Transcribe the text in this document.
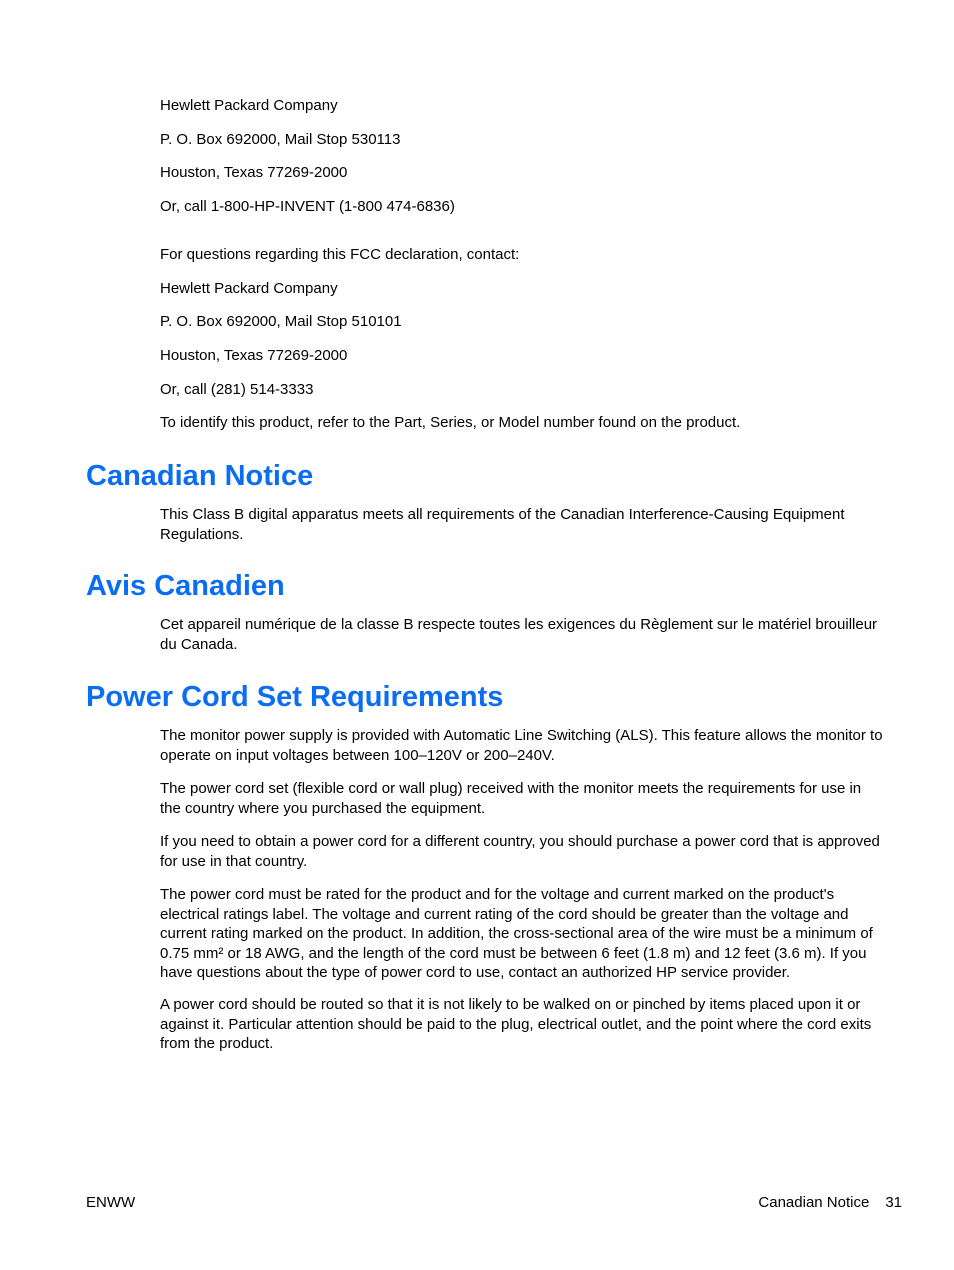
Hewlett Packard Company

P. O. Box 692000, Mail Stop 530113

Houston, Texas 77269-2000

Or, call 1-800-HP-INVENT (1-800 474-6836)

For questions regarding this FCC declaration, contact:

Hewlett Packard Company

P. O. Box 692000, Mail Stop 510101

Houston, Texas 77269-2000

Or, call (281) 514-3333

To identify this product, refer to the Part, Series, or Model number found on the product.

Canadian Notice

This Class B digital apparatus meets all requirements of the Canadian Interference-Causing Equipment Regulations.

Avis Canadien

Cet appareil numérique de la classe B respecte toutes les exigences du Règlement sur le matériel brouilleur du Canada.

Power Cord Set Requirements

The monitor power supply is provided with Automatic Line Switching (ALS). This feature allows the monitor to operate on input voltages between 100–120V or 200–240V.

The power cord set (flexible cord or wall plug) received with the monitor meets the requirements for use in the country where you purchased the equipment.

If you need to obtain a power cord for a different country, you should purchase a power cord that is approved for use in that country.

The power cord must be rated for the product and for the voltage and current marked on the product's electrical ratings label. The voltage and current rating of the cord should be greater than the voltage and current rating marked on the product. In addition, the cross-sectional area of the wire must be a minimum of 0.75 mm² or 18 AWG, and the length of the cord must be between 6 feet (1.8 m) and 12 feet (3.6 m). If you have questions about the type of power cord to use, contact an authorized HP service provider.

A power cord should be routed so that it is not likely to be walked on or pinched by items placed upon it or against it. Particular attention should be paid to the plug, electrical outlet, and the point where the cord exits from the product.

ENWW	Canadian Notice 31
